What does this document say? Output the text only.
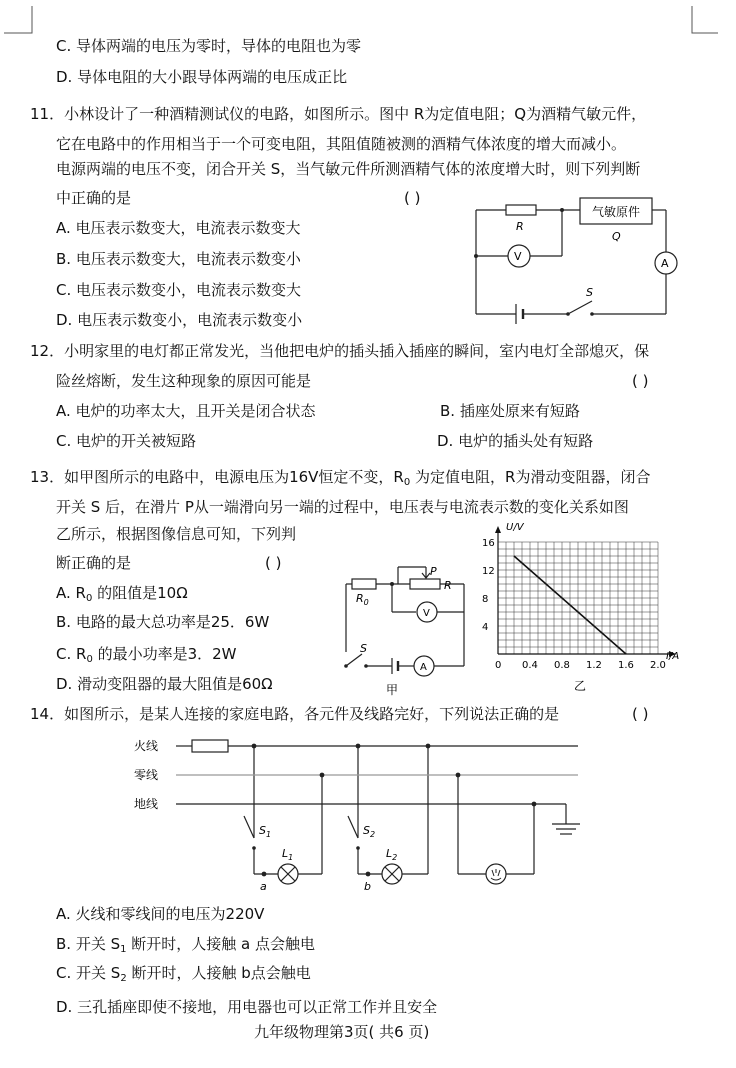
C. 导体两端的电压为零时，导体的电阻也为零
D. 导体电阻的大小跟导体两端的电压成正比
11．小林设计了一种酒精测试仪的电路，如图所示。图中 R为定值电阻；Q为酒精气敏元件，
它在电路中的作用相当于一个可变电阻，其阻值随被测的酒精气体浓度的增大而减小。
电源两端的电压不变，闭合开关 S，当气敏元件所测酒精气体的浓度增大时，则下列判断
中正确的是	( )
A. 电压表示数变大，电流表示数变大
B. 电压表示数变大，电流表示数变小
C. 电压表示数变小，电流表示数变大
D. 电压表示数变小，电流表示数变小
R
气敏原件
Q
V
A
S
12．小明家里的电灯都正常发光，当他把电炉的插头插入插座的瞬间，室内电灯全部熄灭，保
险丝熔断，发生这种现象的原因可能是	( )
A. 电炉的功率太大，且开关是闭合状态	B. 插座处原来有短路
C. 电炉的开关被短路	D. 电炉的插头处有短路
13．如甲图所示的电路中，电源电压为16V恒定不变，$R_0$ 为定值电阻，R为滑动变阻器，闭合
开关 S 后，在滑片 P从一端滑向另一端的过程中，电压表与电流表示数的变化关系如图
乙所示，根据图像信息可知，下列判
断正确的是	( )
A. $R_0$ 的阻值是10Ω
B. 电路的最大总功率是25．6W
C. $R_0$ 的最小功率是3．2W
D. 滑动变阻器的最大阻值是60Ω
$R_0$
P
R
V
A
S
甲
0 0.4 0.8 1.2 1.6 2.0
16
12
8
4
U/V
I/A
乙
14．如图所示，是某人连接的家庭电路，各元件及线路完好，下列说法正确的是	( )
火线
零线
地线
$S_1$
$L_1$
a
$S_2$
$L_2$
b
A. 火线和零线间的电压为220V
B. 开关 $S_1$ 断开时，人接触 a 点会触电
C. 开关 $S_2$ 断开时，人接触 b点会触电
D. 三孔插座即使不接地，用电器也可以正常工作并且安全
九年级物理第3页( 共6 页)
